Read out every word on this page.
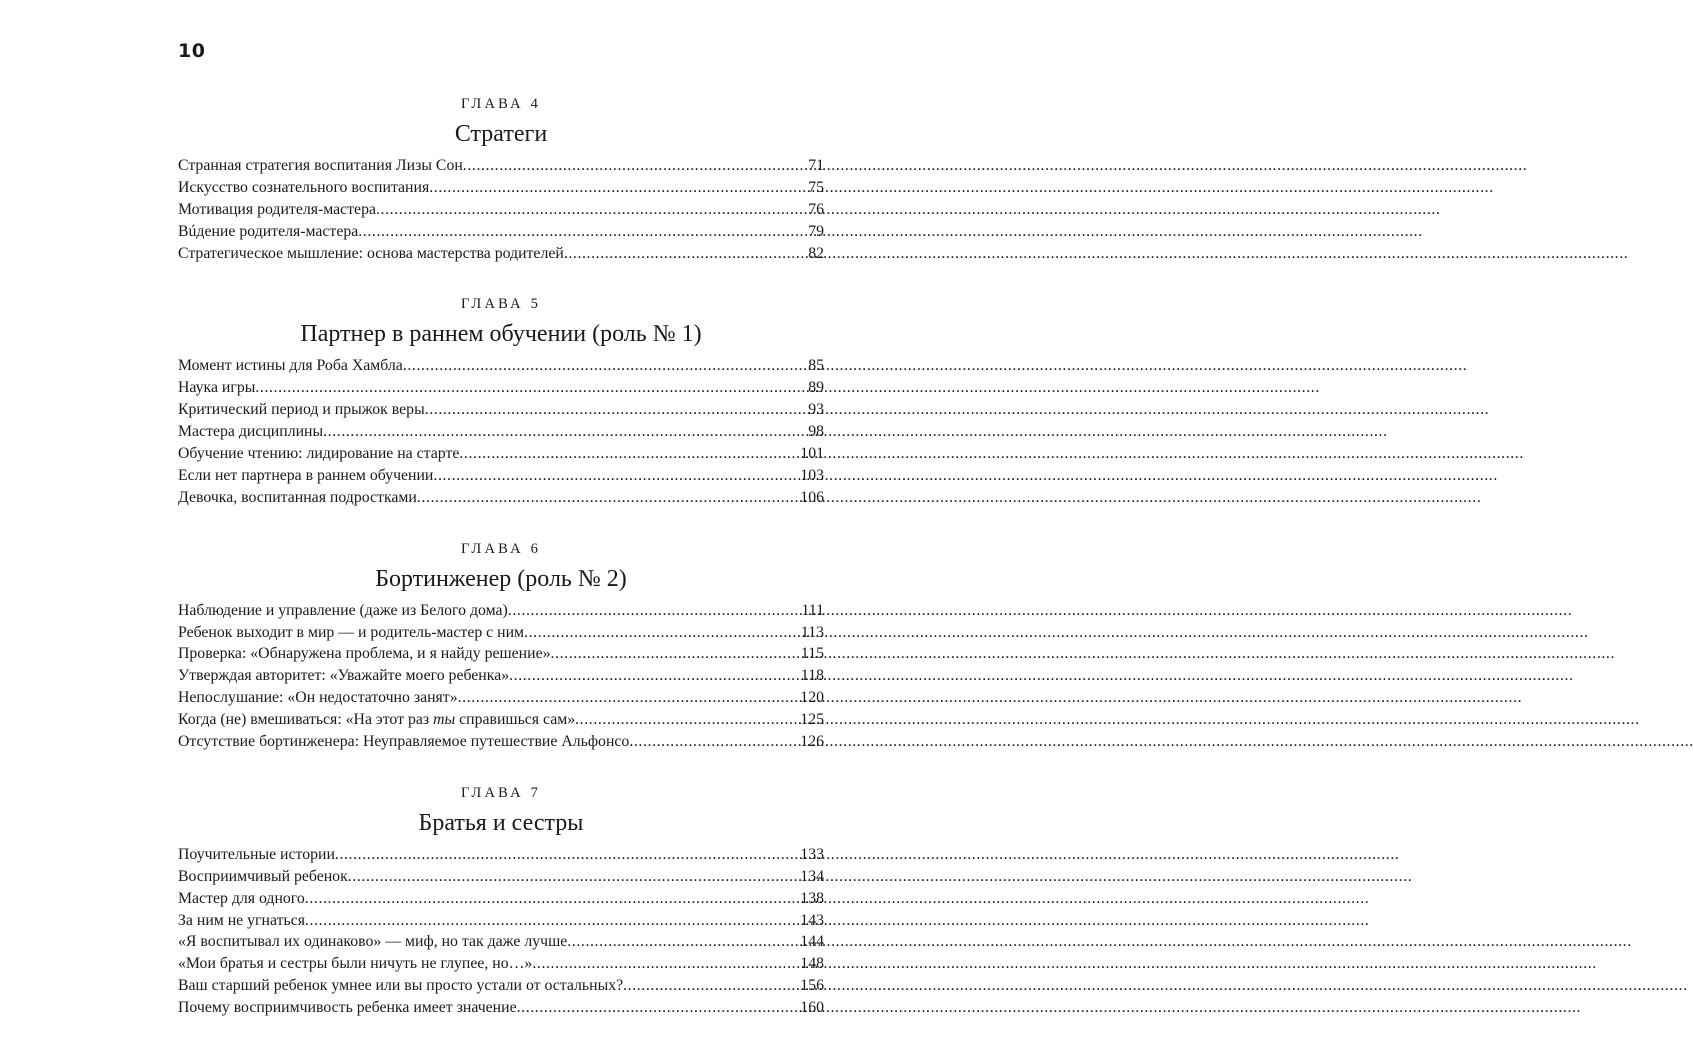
10
ГЛАВА 4
Стратеги
Странная стратегия воспитания Лизы Сон .....	71
Искусство сознательного воспитания .....	75
Мотивация родителя-мастера .....	76
Вúдение родителя-мастера .....	79
Стратегическое мышление: основа мастерства родителей .....	82
ГЛАВА 5
Партнер в раннем обучении (роль № 1)
Момент истины для Роба Хамбла .....	85
Наука игры .....	89
Критический период и прыжок веры .....	93
Мастера дисциплины .....	98
Обучение чтению: лидирование на старте .....	101
Если нет партнера в раннем обучении .....	103
Девочка, воспитанная подростками .....	106
ГЛАВА 6
Бортинженер (роль № 2)
Наблюдение и управление (даже из Белого дома) .....	111
Ребенок выходит в мир — и родитель-мастер с ним .....	113
Проверка: «Обнаружена проблема, и я найду решение» .....	115
Утверждая авторитет: «Уважайте моего ребенка» .....	118
Непослушание: «Он недостаточно занят» .....	120
Когда (не) вмешиваться: «На этот раз ты справишься сам» .....	125
Отсутствие бортинженера: Неуправляемое путешествие Альфонсо .....	126
ГЛАВА 7
Братья и сестры
Поучительные истории .....	133
Восприимчивый ребенок .....	134
Мастер для одного .....	138
За ним не угнаться .....	143
«Я воспитывал их одинаково» — миф, но так даже лучше .....	144
«Мои братья и сестры были ничуть не глупее, но…» .....	148
Ваш старший ребенок умнее или вы просто устали от остальных? .....	156
Почему восприимчивость ребенка имеет значение .....	160
